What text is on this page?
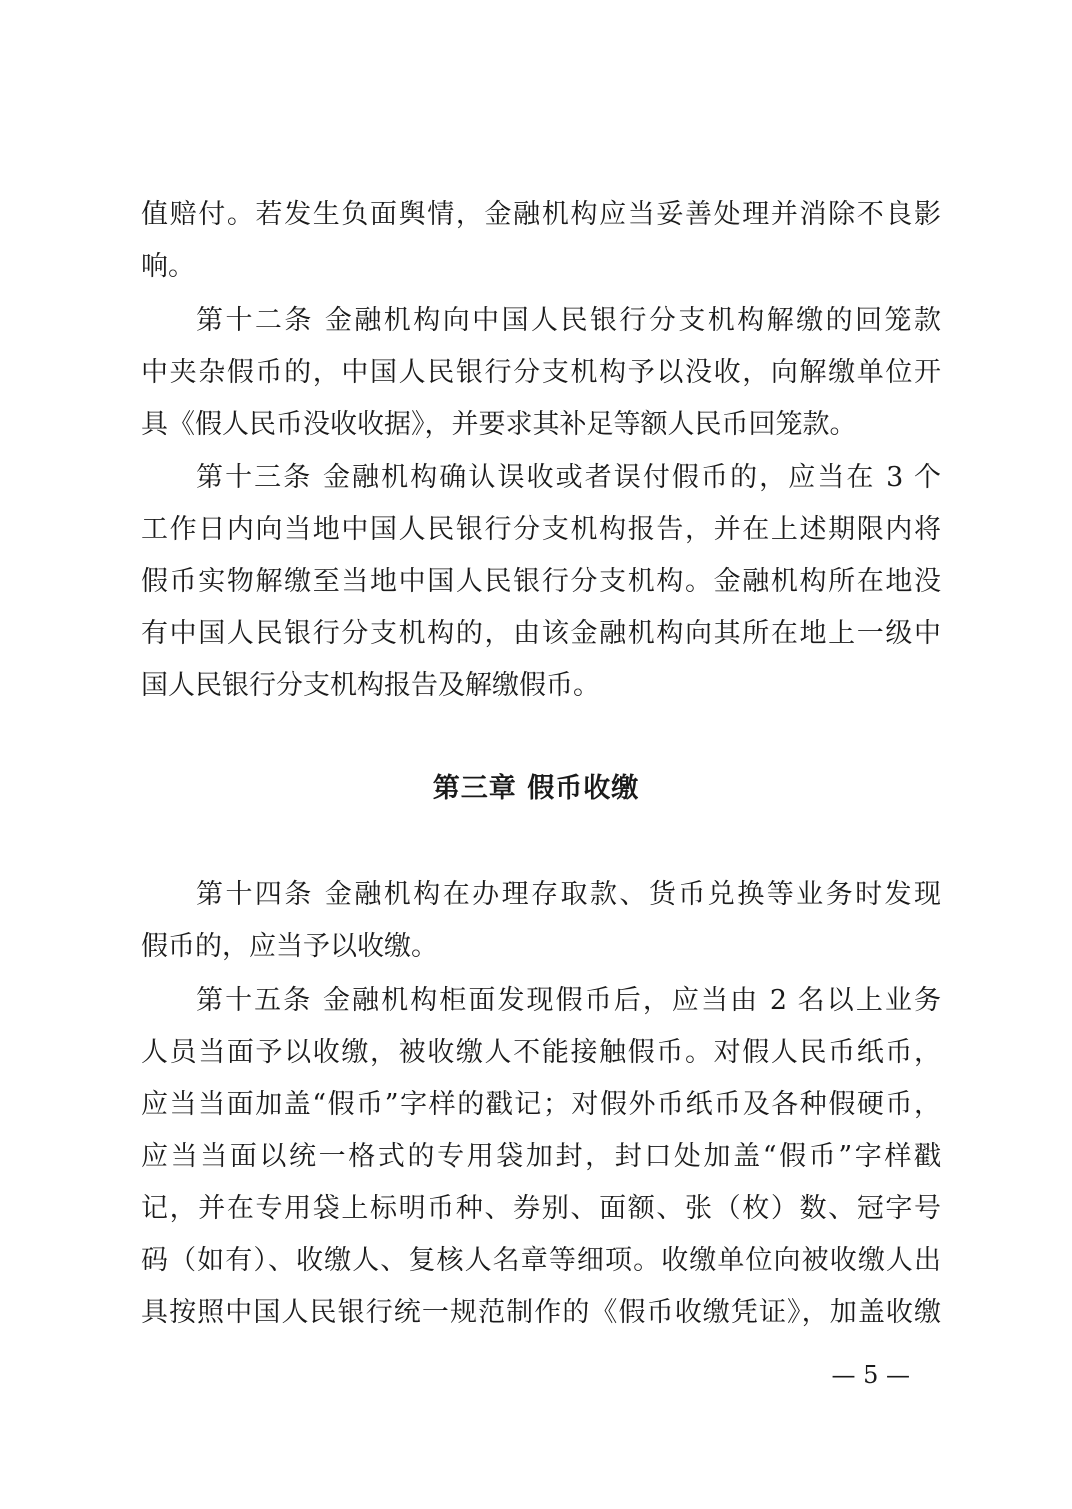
值赔付。若发生负面舆情，金融机构应当妥善处理并消除不良影
响。
第十二条 金融机构向中国人民银行分支机构解缴的回笼款
中夹杂假币的，中国人民银行分支机构予以没收，向解缴单位开
具《假人民币没收收据》，并要求其补足等额人民币回笼款。
第十三条 金融机构确认误收或者误付假币的，应当在 3 个
工作日内向当地中国人民银行分支机构报告，并在上述期限内将
假币实物解缴至当地中国人民银行分支机构。金融机构所在地没
有中国人民银行分支机构的，由该金融机构向其所在地上一级中
国人民银行分支机构报告及解缴假币。
第三章 假币收缴
第十四条 金融机构在办理存取款、货币兑换等业务时发现
假币的，应当予以收缴。
第十五条 金融机构柜面发现假币后，应当由 2 名以上业务
人员当面予以收缴，被收缴人不能接触假币。对假人民币纸币，
应当当面加盖“假币”字样的戳记；对假外币纸币及各种假硬币，
应当当面以统一格式的专用袋加封，封口处加盖“假币”字样戳
记，并在专用袋上标明币种、券别、面额、张（枚）数、冠字号
码（如有）、收缴人、复核人名章等细项。收缴单位向被收缴人出
具按照中国人民银行统一规范制作的《假币收缴凭证》，加盖收缴
— 5 —
